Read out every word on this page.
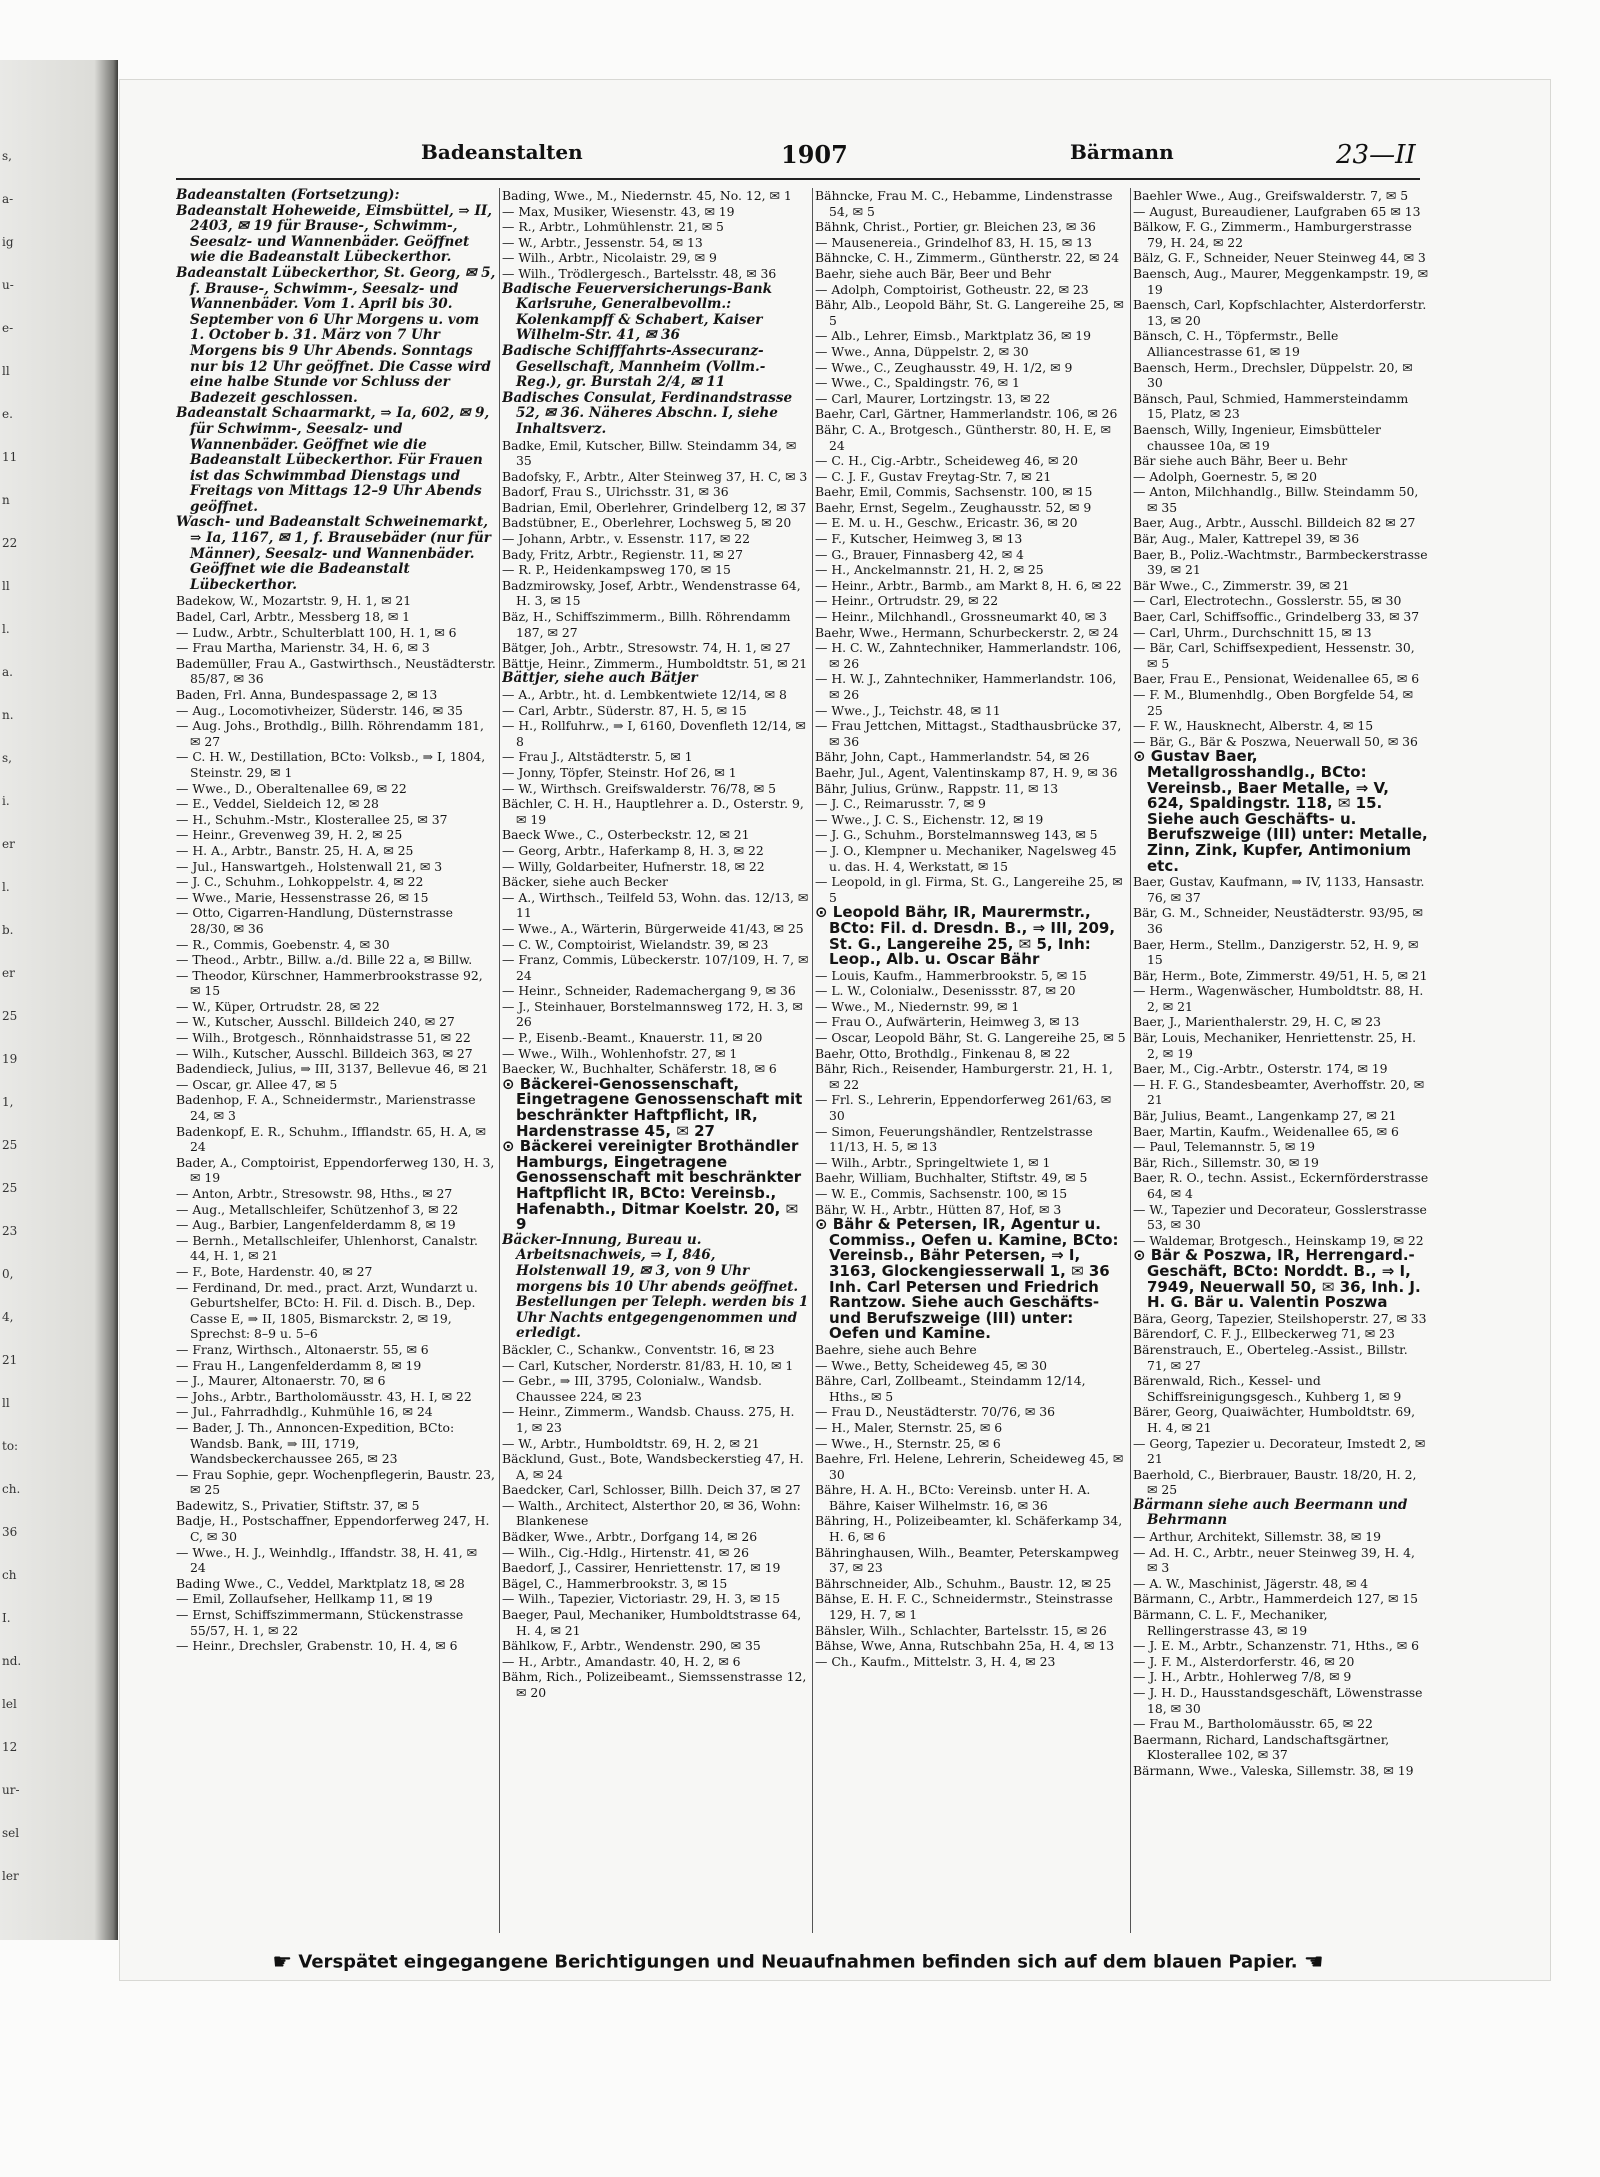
s,
a-
ig
u-
e-
ll
e.
11
n
22
ll
l.
a.
n.
s,
i.
er
l.
b.
er
25
19
1,
25
25
23
0,
4,
21
ll
to:
ch.
36
ch
I.
nd.
lel
12
ur-
sel
ler
Badeanstalten	1907	Bärmann	23—II

Badeanstalten (Fortsetzung):

Badeanstalt Hoheweide, Eimsbüttel, ⇒ II, 2403, ✉ 19 für Brause-, Schwimm-, Seesalz- und Wannenbäder. Geöffnet wie die Badeanstalt Lübeckerthor.

Badeanstalt Lübeckerthor, St. Georg, ✉ 5, f. Brause-, Schwimm-, Seesalz- und Wannenbäder. Vom 1. April bis 30. September von 6 Uhr Morgens u. vom 1. October b. 31. März von 7 Uhr Morgens bis 9 Uhr Abends. Sonntags nur bis 12 Uhr geöffnet. Die Casse wird eine halbe Stunde vor Schluss der Badezeit geschlossen.

Badeanstalt Schaarmarkt, ⇒ Ia, 602, ✉ 9, für Schwimm-, Seesalz- und Wannenbäder. Geöffnet wie die Badeanstalt Lübeckerthor. Für Frauen ist das Schwimmbad Dienstags und Freitags von Mittags 12–9 Uhr Abends geöffnet.

Wasch- und Badeanstalt Schweinemarkt, ⇒ Ia, 1167, ✉ 1, f. Brausebäder (nur für Männer), Seesalz- und Wannenbäder. Geöffnet wie die Badeanstalt Lübeckerthor.

Badekow, W., Mozartstr. 9, H. 1, ✉ 21

Badel, Carl, Arbtr., Messberg 18, ✉ 1

— Ludw., Arbtr., Schulterblatt 100, H. 1, ✉ 6

— Frau Martha, Marienstr. 34, H. 6, ✉ 3

Bademüller, Frau A., Gastwirthsch., Neustädterstr. 85/87, ✉ 36

Baden, Frl. Anna, Bundespassage 2, ✉ 13

— Aug., Locomotivheizer, Süderstr. 146, ✉ 35

— Aug. Johs., Brothdlg., Billh. Röhrendamm 181, ✉ 27

— C. H. W., Destillation, BCto: Volksb., ⇒ I, 1804, Steinstr. 29, ✉ 1

— Wwe., D., Oberaltenallee 69, ✉ 22

— E., Veddel, Sieldeich 12, ✉ 28

— H., Schuhm.-Mstr., Klosterallee 25, ✉ 37

— Heinr., Grevenweg 39, H. 2, ✉ 25

— H. A., Arbtr., Banstr. 25, H. A, ✉ 25

— Jul., Hanswartgeh., Holstenwall 21, ✉ 3

— J. C., Schuhm., Lohkoppelstr. 4, ✉ 22

— Wwe., Marie, Hessenstrasse 26, ✉ 15

— Otto, Cigarren-Handlung, Düsternstrasse 28/30, ✉ 36

— R., Commis, Goebenstr. 4, ✉ 30

— Theod., Arbtr., Billw. a./d. Bille 22 a, ✉ Billw.

— Theodor, Kürschner, Hammerbrookstrasse 92, ✉ 15

— W., Küper, Ortrudstr. 28, ✉ 22

— W., Kutscher, Ausschl. Billdeich 240, ✉ 27

— Wilh., Brotgesch., Rönnhaidstrasse 51, ✉ 22

— Wilh., Kutscher, Ausschl. Billdeich 363, ✉ 27

Badendieck, Julius, ⇒ III, 3137, Bellevue 46, ✉ 21

— Oscar, gr. Allee 47, ✉ 5

Badenhop, F. A., Schneidermstr., Marienstrasse 24, ✉ 3

Badenkopf, E. R., Schuhm., Ifflandstr. 65, H. A, ✉ 24

Bader, A., Comptoirist, Eppendorferweg 130, H. 3, ✉ 19

— Anton, Arbtr., Stresowstr. 98, Hths., ✉ 27

— Aug., Metallschleifer, Schützenhof 3, ✉ 22

— Aug., Barbier, Langenfelderdamm 8, ✉ 19

— Bernh., Metallschleifer, Uhlenhorst, Canalstr. 44, H. 1, ✉ 21

— F., Bote, Hardenstr. 40, ✉ 27

— Ferdinand, Dr. med., pract. Arzt, Wundarzt u. Geburtshelfer, BCto: H. Fil. d. Disch. B., Dep. Casse E, ⇒ II, 1805, Bismarckstr. 2, ✉ 19, Sprechst: 8–9 u. 5–6

— Franz, Wirthsch., Altonaerstr. 55, ✉ 6

— Frau H., Langenfelderdamm 8, ✉ 19

— J., Maurer, Altonaerstr. 70, ✉ 6

— Johs., Arbtr., Bartholomäusstr. 43, H. I, ✉ 22

— Jul., Fahrradhdlg., Kuhmühle 16, ✉ 24

— Bader, J. Th., Annoncen-Expedition, BCto: Wandsb. Bank, ⇒ III, 1719, Wandsbeckerchaussee 265, ✉ 23

— Frau Sophie, gepr. Wochenpflegerin, Baustr. 23, ✉ 25

Badewitz, S., Privatier, Stiftstr. 37, ✉ 5

Badje, H., Postschaffner, Eppendorferweg 247, H. C, ✉ 30

— Wwe., H. J., Weinhdlg., Iffandstr. 38, H. 41, ✉ 24

Bading Wwe., C., Veddel, Marktplatz 18, ✉ 28

— Emil, Zollaufseher, Hellkamp 11, ✉ 19

— Ernst, Schiffszimmermann, Stückenstrasse 55/57, H. 1, ✉ 22

— Heinr., Drechsler, Grabenstr. 10, H. 4, ✉ 6

Bading, Wwe., M., Niedernstr. 45, No. 12, ✉ 1

— Max, Musiker, Wiesenstr. 43, ✉ 19

— R., Arbtr., Lohmühlenstr. 21, ✉ 5

— W., Arbtr., Jessenstr. 54, ✉ 13

— Wilh., Arbtr., Nicolaistr. 29, ✉ 9

— Wilh., Trödlergesch., Bartelsstr. 48, ✉ 36

Badische Feuerversicherungs-Bank Karlsruhe, Generalbevollm.: Kolenkampff & Schabert, Kaiser Wilhelm-Str. 41, ✉ 36

Badische Schifffahrts-Assecuranz-Gesellschaft, Mannheim (Vollm.-Reg.), gr. Burstah 2/4, ✉ 11

Badisches Consulat, Ferdinandstrasse 52, ✉ 36. Näheres Abschn. I, siehe Inhaltsverz.

Badke, Emil, Kutscher, Billw. Steindamm 34, ✉ 35

Badofsky, F., Arbtr., Alter Steinweg 37, H. C, ✉ 3

Badorf, Frau S., Ulrichsstr. 31, ✉ 36

Badrian, Emil, Oberlehrer, Grindelberg 12, ✉ 37

Badstübner, E., Oberlehrer, Lochsweg 5, ✉ 20

— Johann, Arbtr., v. Essenstr. 117, ✉ 22

Bady, Fritz, Arbtr., Regienstr. 11, ✉ 27

— R. P., Heidenkampsweg 170, ✉ 15

Badzmirowsky, Josef, Arbtr., Wendenstrasse 64, H. 3, ✉ 15

Bäz, H., Schiffszimmerm., Billh. Röhrendamm 187, ✉ 27

Bätger, Joh., Arbtr., Stresowstr. 74, H. 1, ✉ 27

Bättje, Heinr., Zimmerm., Humboldtstr. 51, ✉ 21

Bättjer, siehe auch Bätjer

— A., Arbtr., ht. d. Lembkentwiete 12/14, ✉ 8

— Carl, Arbtr., Süderstr. 87, H. 5, ✉ 15

— H., Rollfuhrw., ⇒ I, 6160, Dovenfleth 12/14, ✉ 8

— Frau J., Altstädterstr. 5, ✉ 1

— Jonny, Töpfer, Steinstr. Hof 26, ✉ 1

— W., Wirthsch. Greifswalderstr. 76/78, ✉ 5

Bächler, C. H. H., Hauptlehrer a. D., Osterstr. 9, ✉ 19

Baeck Wwe., C., Osterbeckstr. 12, ✉ 21

— Georg, Arbtr., Haferkamp 8, H. 3, ✉ 22

— Willy, Goldarbeiter, Hufnerstr. 18, ✉ 22

Bäcker, siehe auch Becker

— A., Wirthsch., Teilfeld 53, Wohn. das. 12/13, ✉ 11

— Wwe., A., Wärterin, Bürgerweide 41/43, ✉ 25

— C. W., Comptoirist, Wielandstr. 39, ✉ 23

— Franz, Commis, Lübeckerstr. 107/109, H. 7, ✉ 24

— Heinr., Schneider, Rademachergang 9, ✉ 36

— J., Steinhauer, Borstelmannsweg 172, H. 3, ✉ 26

— P., Eisenb.-Beamt., Knauerstr. 11, ✉ 20

— Wwe., Wilh., Wohlenhofstr. 27, ✉ 1

Baecker, W., Buchhalter, Schäferstr. 18, ✉ 6

⊙ Bäckerei-Genossenschaft, Eingetragene Genossenschaft mit beschränkter Haftpflicht, IR, Hardenstrasse 45, ✉ 27

⊙ Bäckerei vereinigter Brothändler Hamburgs, Eingetragene Genossenschaft mit beschränkter Haftpflicht IR, BCto: Vereinsb., Hafenabth., Ditmar Koelstr. 20, ✉ 9

Bäcker-Innung, Bureau u. Arbeitsnachweis, ⇒ I, 846, Holstenwall 19, ✉ 3, von 9 Uhr morgens bis 10 Uhr abends geöffnet. Bestellungen per Teleph. werden bis 1 Uhr Nachts entgegengenommen und erledigt.

Bäckler, C., Schankw., Conventstr. 16, ✉ 23

— Carl, Kutscher, Norderstr. 81/83, H. 10, ✉ 1

— Gebr., ⇒ III, 3795, Colonialw., Wandsb. Chaussee 224, ✉ 23

— Heinr., Zimmerm., Wandsb. Chauss. 275, H. 1, ✉ 23

— W., Arbtr., Humboldtstr. 69, H. 2, ✉ 21

Bäcklund, Gust., Bote, Wandsbeckerstieg 47, H. A, ✉ 24

Baedcker, Carl, Schlosser, Billh. Deich 37, ✉ 27

— Walth., Architect, Alsterthor 20, ✉ 36, Wohn: Blankenese

Bädker, Wwe., Arbtr., Dorfgang 14, ✉ 26

— Wilh., Cig.-Hdlg., Hirtenstr. 41, ✉ 26

Baedorf, J., Cassirer, Henriettenstr. 17, ✉ 19

Bägel, C., Hammerbrookstr. 3, ✉ 15

— Wilh., Tapezier, Victoriastr. 29, H. 3, ✉ 15

Baeger, Paul, Mechaniker, Humboldtstrasse 64, H. 4, ✉ 21

Bählkow, F., Arbtr., Wendenstr. 290, ✉ 35

— H., Arbtr., Amandastr. 40, H. 2, ✉ 6

Bähm, Rich., Polizeibeamt., Siemssenstrasse 12, ✉ 20

Bähncke, Frau M. C., Hebamme, Lindenstrasse 54, ✉ 5

Bähnk, Christ., Portier, gr. Bleichen 23, ✉ 36

— Mausenereia., Grindelhof 83, H. 15, ✉ 13

Bähncke, C. H., Zimmerm., Güntherstr. 22, ✉ 24

Baehr, siehe auch Bär, Beer und Behr

— Adolph, Comptoirist, Gotheustr. 22, ✉ 23

Bähr, Alb., Leopold Bähr, St. G. Langereihe 25, ✉ 5

— Alb., Lehrer, Eimsb., Marktplatz 36, ✉ 19

— Wwe., Anna, Düppelstr. 2, ✉ 30

— Wwe., C., Zeughausstr. 49, H. 1/2, ✉ 9

— Wwe., C., Spaldingstr. 76, ✉ 1

— Carl, Maurer, Lortzingstr. 13, ✉ 22

Baehr, Carl, Gärtner, Hammerlandstr. 106, ✉ 26

Bähr, C. A., Brotgesch., Güntherstr. 80, H. E, ✉ 24

— C. H., Cig.-Arbtr., Scheideweg 46, ✉ 20

— C. J. F., Gustav Freytag-Str. 7, ✉ 21

Baehr, Emil, Commis, Sachsenstr. 100, ✉ 15

Baehr, Ernst, Segelm., Zeughausstr. 52, ✉ 9

— E. M. u. H., Geschw., Ericastr. 36, ✉ 20

— F., Kutscher, Heimweg 3, ✉ 13

— G., Brauer, Finnasberg 42, ✉ 4

— H., Anckelmannstr. 21, H. 2, ✉ 25

— Heinr., Arbtr., Barmb., am Markt 8, H. 6, ✉ 22

— Heinr., Ortrudstr. 29, ✉ 22

— Heinr., Milchhandl., Grossneumarkt 40, ✉ 3

Baehr, Wwe., Hermann, Schurbeckerstr. 2, ✉ 24

— H. C. W., Zahntechniker, Hammerlandstr. 106, ✉ 26

— H. W. J., Zahntechniker, Hammerlandstr. 106, ✉ 26

— Wwe., J., Teichstr. 48, ✉ 11

— Frau Jettchen, Mittagst., Stadthausbrücke 37, ✉ 36

Bähr, John, Capt., Hammerlandstr. 54, ✉ 26

Baehr, Jul., Agent, Valentinskamp 87, H. 9, ✉ 36

Bähr, Julius, Grünw., Rappstr. 11, ✉ 13

— J. C., Reimarusstr. 7, ✉ 9

— Wwe., J. C. S., Eichenstr. 12, ✉ 19

— J. G., Schuhm., Borstelmannsweg 143, ✉ 5

— J. O., Klempner u. Mechaniker, Nagelsweg 45 u. das. H. 4, Werkstatt, ✉ 15

— Leopold, in gl. Firma, St. G., Langereihe 25, ✉ 5

⊙ Leopold Bähr, IR, Maurermstr., BCto: Fil. d. Dresdn. B., ⇒ III, 209, St. G., Langereihe 25, ✉ 5, Inh: Leop., Alb. u. Oscar Bähr

— Louis, Kaufm., Hammerbrookstr. 5, ✉ 15

— L. W., Colonialw., Desenissstr. 87, ✉ 20

— Wwe., M., Niedernstr. 99, ✉ 1

— Frau O., Aufwärterin, Heimweg 3, ✉ 13

— Oscar, Leopold Bähr, St. G. Langereihe 25, ✉ 5

Baehr, Otto, Brothdlg., Finkenau 8, ✉ 22

Bähr, Rich., Reisender, Hamburgerstr. 21, H. 1, ✉ 22

— Frl. S., Lehrerin, Eppendorferweg 261/63, ✉ 30

— Simon, Feuerungshändler, Rentzelstrasse 11/13, H. 5, ✉ 13

— Wilh., Arbtr., Springeltwiete 1, ✉ 1

Baehr, William, Buchhalter, Stiftstr. 49, ✉ 5

— W. E., Commis, Sachsenstr. 100, ✉ 15

Bähr, W. H., Arbtr., Hütten 87, Hof, ✉ 3

⊙ Bähr & Petersen, IR, Agentur u. Commiss., Oefen u. Kamine, BCto: Vereinsb., Bähr Petersen, ⇒ I, 3163, Glockengiesserwall 1, ✉ 36 Inh. Carl Petersen und Friedrich Rantzow. Siehe auch Geschäfts- und Berufszweige (III) unter: Oefen und Kamine.

Baehre, siehe auch Behre

— Wwe., Betty, Scheideweg 45, ✉ 30

Bähre, Carl, Zollbeamt., Steindamm 12/14, Hths., ✉ 5

— Frau D., Neustädterstr. 70/76, ✉ 36

— H., Maler, Sternstr. 25, ✉ 6

— Wwe., H., Sternstr. 25, ✉ 6

Baehre, Frl. Helene, Lehrerin, Scheideweg 45, ✉ 30

Bähre, H. A. H., BCto: Vereinsb. unter H. A. Bähre, Kaiser Wilhelmstr. 16, ✉ 36

Bähring, H., Polizeibeamter, kl. Schäferkamp 34, H. 6, ✉ 6

Bähringhausen, Wilh., Beamter, Peterskampweg 37, ✉ 23

Bährschneider, Alb., Schuhm., Baustr. 12, ✉ 25

Bähse, E. H. F. C., Schneidermstr., Steinstrasse 129, H. 7, ✉ 1

Bähsler, Wilh., Schlachter, Bartelsstr. 15, ✉ 26

Bähse, Wwe, Anna, Rutschbahn 25a, H. 4, ✉ 13

— Ch., Kaufm., Mittelstr. 3, H. 4, ✉ 23

Baehler Wwe., Aug., Greifswalderstr. 7, ✉ 5

— August, Bureaudiener, Laufgraben 65 ✉ 13

Bälkow, F. G., Zimmerm., Hamburgerstrasse 79, H. 24, ✉ 22

Bälz, G. F., Schneider, Neuer Steinweg 44, ✉ 3

Baensch, Aug., Maurer, Meggenkampstr. 19, ✉ 19

Baensch, Carl, Kopfschlachter, Alsterdorferstr. 13, ✉ 20

Bänsch, C. H., Töpfermstr., Belle Alliancestrasse 61, ✉ 19

Baensch, Herm., Drechsler, Düppelstr. 20, ✉ 30

Bänsch, Paul, Schmied, Hammersteindamm 15, Platz, ✉ 23

Baensch, Willy, Ingenieur, Eimsbütteler chaussee 10a, ✉ 19

Bär siehe auch Bähr, Beer u. Behr

— Adolph, Goernestr. 5, ✉ 20

— Anton, Milchhandlg., Billw. Steindamm 50, ✉ 35

Baer, Aug., Arbtr., Ausschl. Billdeich 82 ✉ 27

Bär, Aug., Maler, Kattrepel 39, ✉ 36

Baer, B., Poliz.-Wachtmstr., Barmbeckerstrasse 39, ✉ 21

Bär Wwe., C., Zimmerstr. 39, ✉ 21

— Carl, Electrotechn., Gosslerstr. 55, ✉ 30

Baer, Carl, Schiffsoffic., Grindelberg 33, ✉ 37

— Carl, Uhrm., Durchschnitt 15, ✉ 13

— Bär, Carl, Schiffsexpedient, Hessenstr. 30, ✉ 5

Baer, Frau E., Pensionat, Weidenallee 65, ✉ 6

— F. M., Blumenhdlg., Oben Borgfelde 54, ✉ 25

— F. W., Hausknecht, Alberstr. 4, ✉ 15

— Bär, G., Bär & Poszwa, Neuerwall 50, ✉ 36

⊙ Gustav Baer, Metallgrosshandlg., BCto: Vereinsb., Baer Metalle, ⇒ V, 624, Spaldingstr. 118, ✉ 15. Siehe auch Geschäfts- u. Berufszweige (III) unter: Metalle, Zinn, Zink, Kupfer, Antimonium etc.

Baer, Gustav, Kaufmann, ⇒ IV, 1133, Hansastr. 76, ✉ 37

Bär, G. M., Schneider, Neustädterstr. 93/95, ✉ 36

Baer, Herm., Stellm., Danzigerstr. 52, H. 9, ✉ 15

Bär, Herm., Bote, Zimmerstr. 49/51, H. 5, ✉ 21

— Herm., Wagenwäscher, Humboldtstr. 88, H. 2, ✉ 21

Baer, J., Marienthalerstr. 29, H. C, ✉ 23

Bär, Louis, Mechaniker, Henriettenstr. 25, H. 2, ✉ 19

Baer, M., Cig.-Arbtr., Osterstr. 174, ✉ 19

— H. F. G., Standesbeamter, Averhoffstr. 20, ✉ 21

Bär, Julius, Beamt., Langenkamp 27, ✉ 21

Baer, Martin, Kaufm., Weidenallee 65, ✉ 6

— Paul, Telemannstr. 5, ✉ 19

Bär, Rich., Sillemstr. 30, ✉ 19

Baer, R. O., techn. Assist., Eckernförderstrasse 64, ✉ 4

— W., Tapezier und Decorateur, Gosslerstrasse 53, ✉ 30

— Waldemar, Brotgesch., Heinskamp 19, ✉ 22

⊙ Bär & Poszwa, IR, Herrengard.-Geschäft, BCto: Norddt. B., ⇒ I, 7949, Neuerwall 50, ✉ 36, Inh. J. H. G. Bär u. Valentin Poszwa

Bära, Georg, Tapezier, Steilshoperstr. 27, ✉ 33

Bärendorf, C. F. J., Ellbeckerweg 71, ✉ 23

Bärenstrauch, E., Oberteleg.-Assist., Billstr. 71, ✉ 27

Bärenwald, Rich., Kessel- und Schiffsreinigungsgesch., Kuhberg 1, ✉ 9

Bärer, Georg, Quaiwächter, Humboldtstr. 69, H. 4, ✉ 21

— Georg, Tapezier u. Decorateur, Imstedt 2, ✉ 21

Baerhold, C., Bierbrauer, Baustr. 18/20, H. 2, ✉ 25

Bärmann siehe auch Beermann und Behrmann

— Arthur, Architekt, Sillemstr. 38, ✉ 19

— Ad. H. C., Arbtr., neuer Steinweg 39, H. 4, ✉ 3

— A. W., Maschinist, Jägerstr. 48, ✉ 4

Bärmann, C., Arbtr., Hammerdeich 127, ✉ 15

Bärmann, C. L. F., Mechaniker, Rellingerstrasse 43, ✉ 19

— J. E. M., Arbtr., Schanzenstr. 71, Hths., ✉ 6

— J. F. M., Alsterdorferstr. 46, ✉ 20

— J. H., Arbtr., Hohlerweg 7/8, ✉ 9

— J. H. D., Hausstandsgeschäft, Löwenstrasse 18, ✉ 30

— Frau M., Bartholomäusstr. 65, ✉ 22

Baermann, Richard, Landschaftsgärtner, Klosterallee 102, ✉ 37

Bärmann, Wwe., Valeska, Sillemstr. 38, ✉ 19

☛ Verspätet eingegangene Berichtigungen und Neuaufnahmen befinden sich auf dem blauen Papier. ☚
